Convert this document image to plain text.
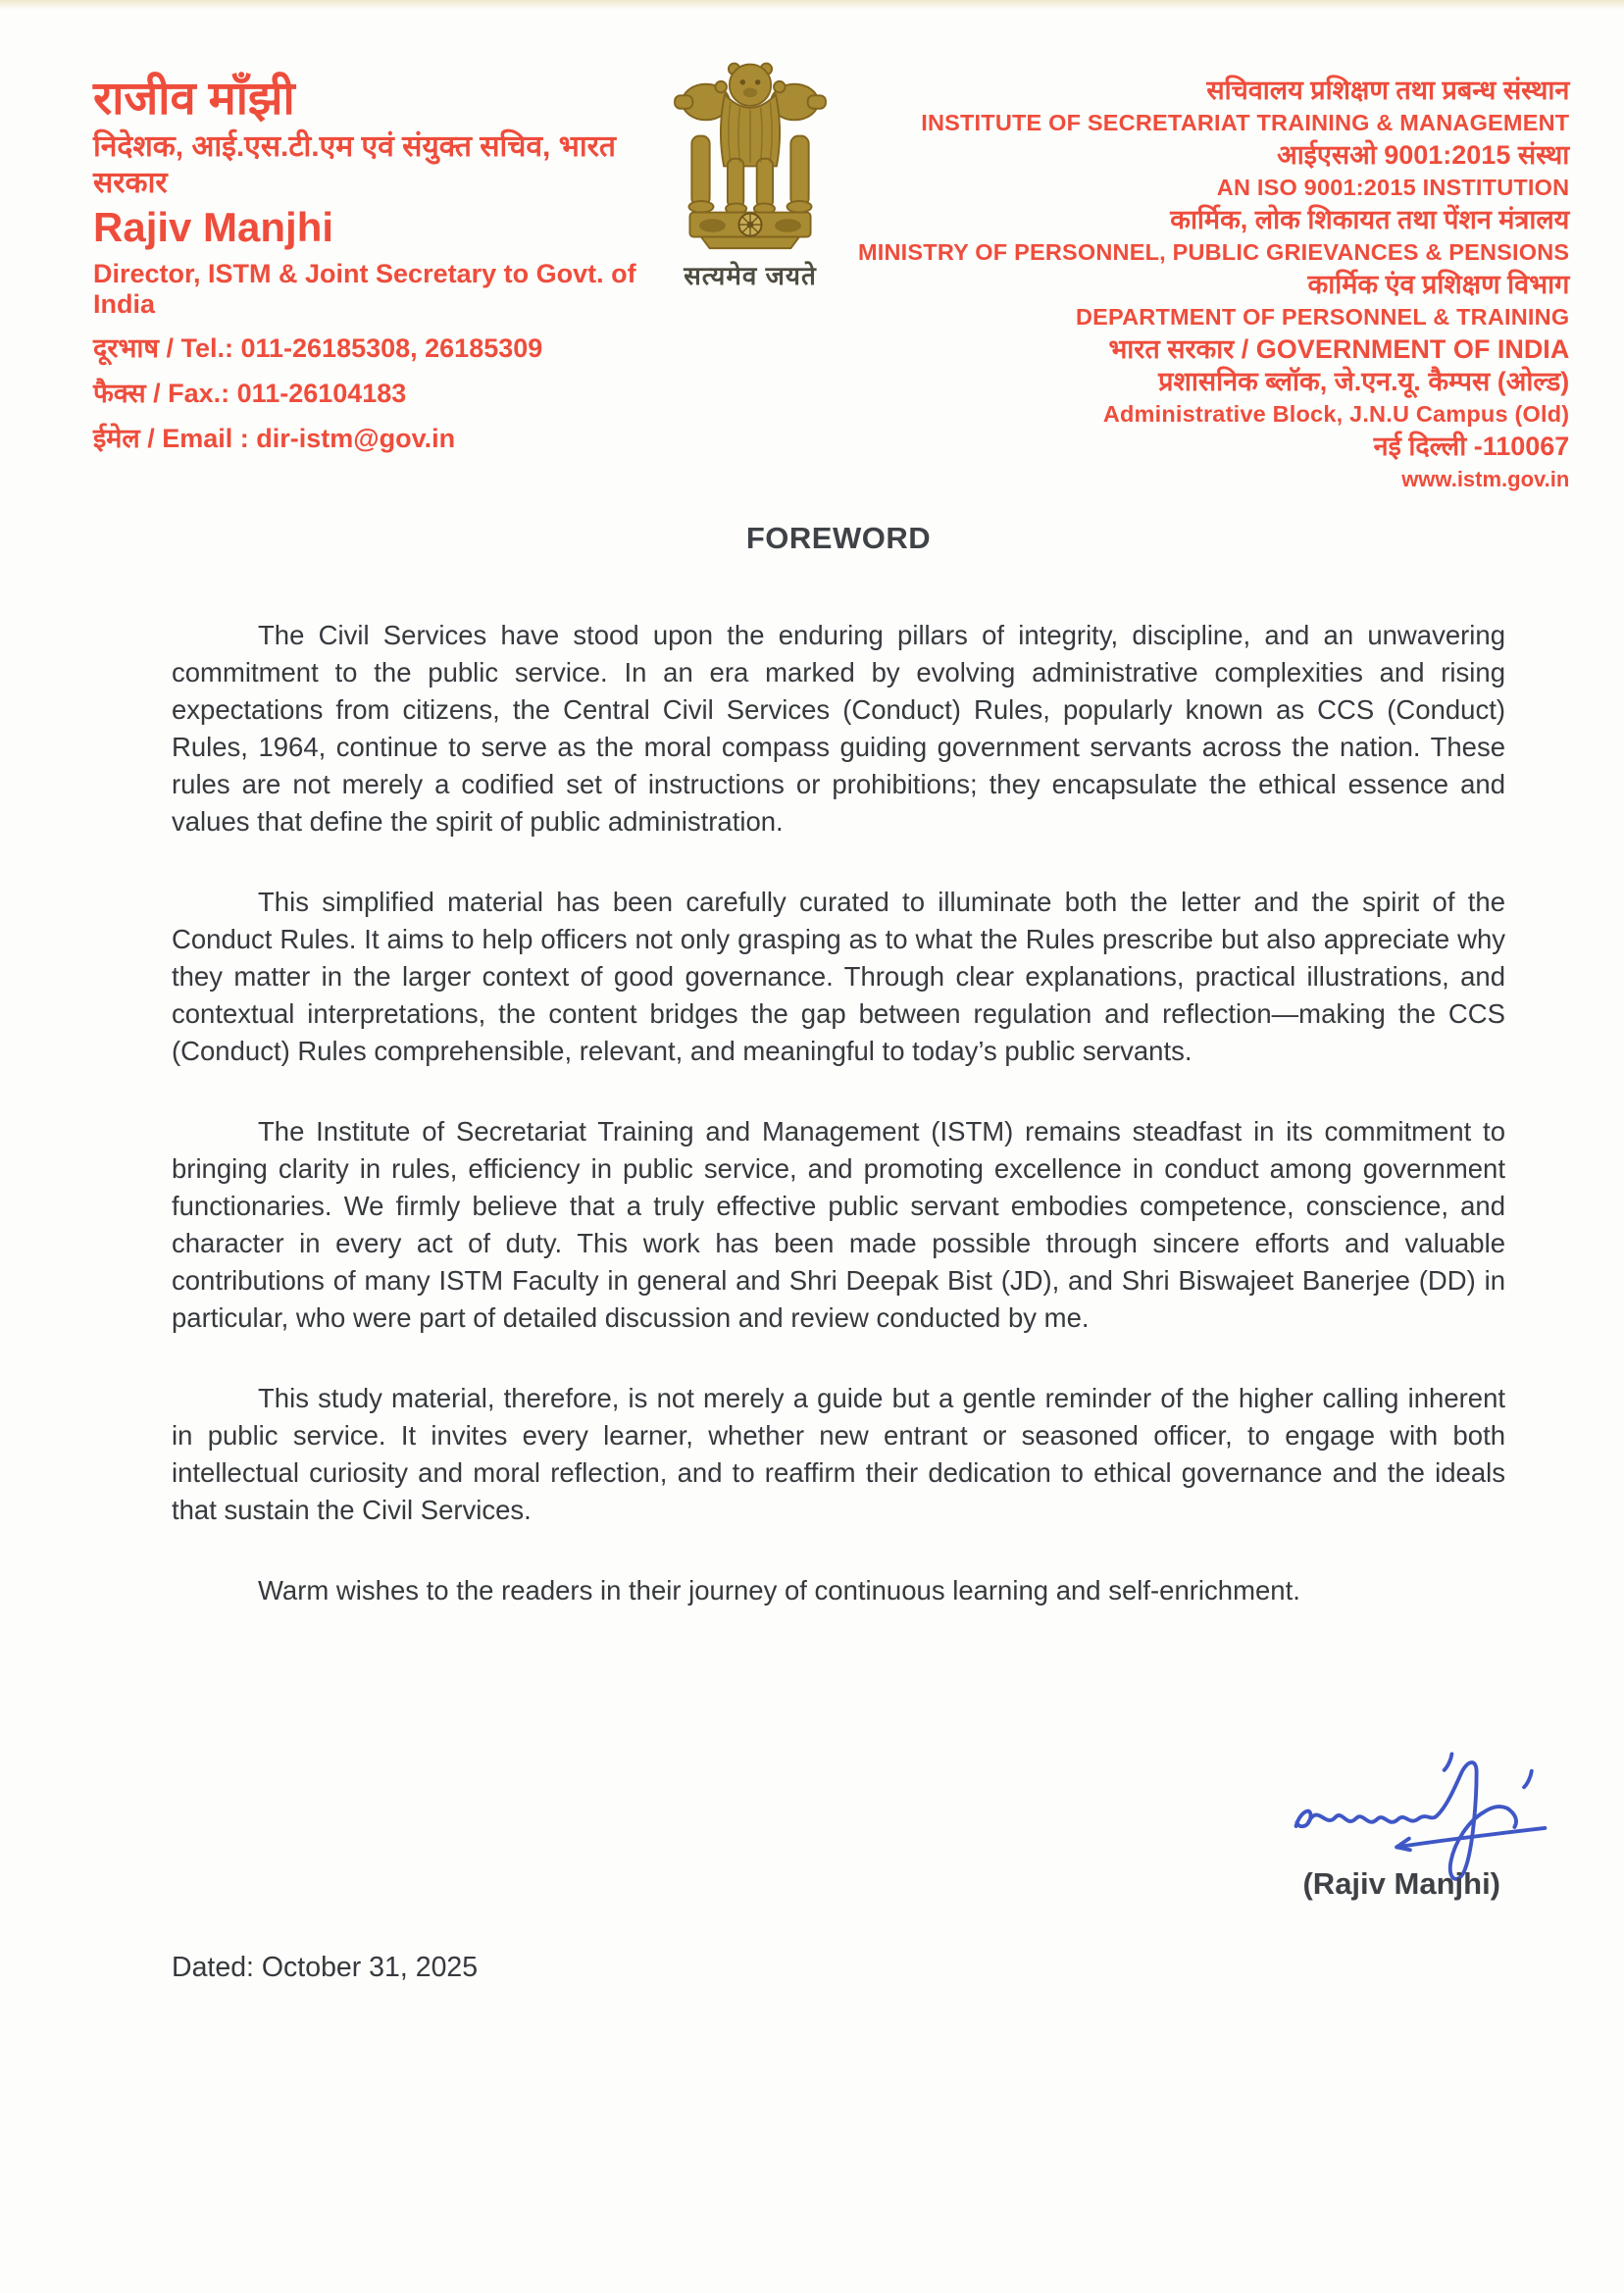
राजीव माँझी
निदेशक, आई.एस.टी.एम एवं संयुक्त सचिव, भारत सरकार
Rajiv Manjhi
Director, ISTM & Joint Secretary to Govt. of India
दूरभाष / Tel.: 011-26185308, 26185309
फैक्स / Fax.: 011-26104183
ईमेल / Email : dir-istm@gov.in
सत्यमेव जयते
सचिवालय प्रशिक्षण तथा प्रबन्ध संस्थान
INSTITUTE OF SECRETARIAT TRAINING & MANAGEMENT
आईएसओ 9001:2015 संस्था
AN ISO 9001:2015 INSTITUTION
कार्मिक, लोक शिकायत तथा पेंशन मंत्रालय
MINISTRY OF PERSONNEL, PUBLIC GRIEVANCES & PENSIONS
कार्मिक एंव प्रशिक्षण विभाग
DEPARTMENT OF PERSONNEL & TRAINING
भारत सरकार / GOVERNMENT OF INDIA
प्रशासनिक ब्लॉक, जे.एन.यू. कैम्पस (ओल्ड)
Administrative Block, J.N.U Campus (Old)
नई दिल्ली -110067
www.istm.gov.in
FOREWORD

The Civil Services have stood upon the enduring pillars of integrity, discipline, and an unwavering commitment to the public service. In an era marked by evolving administrative complexities and rising expectations from citizens, the Central Civil Services (Conduct) Rules, popularly known as CCS (Conduct) Rules, 1964, continue to serve as the moral compass guiding government servants across the nation. These rules are not merely a codified set of instructions or prohibitions; they encapsulate the ethical essence and values that define the spirit of public administration.

This simplified material has been carefully curated to illuminate both the letter and the spirit of the Conduct Rules. It aims to help officers not only grasping as to what the Rules prescribe but also appreciate why they matter in the larger context of good governance. Through clear explanations, practical illustrations, and contextual interpretations, the content bridges the gap between regulation and reflection—making the CCS (Conduct) Rules comprehensible, relevant, and meaningful to today’s public servants.

The Institute of Secretariat Training and Management (ISTM) remains steadfast in its commitment to bringing clarity in rules, efficiency in public service, and promoting excellence in conduct among government functionaries. We firmly believe that a truly effective public servant embodies competence, conscience, and character in every act of duty. This work has been made possible through sincere efforts and valuable contributions of many ISTM Faculty in general and Shri Deepak Bist (JD), and Shri Biswajeet Banerjee (DD) in particular, who were part of detailed discussion and review conducted by me.

This study material, therefore, is not merely a guide but a gentle reminder of the higher calling inherent in public service. It invites every learner, whether new entrant or seasoned officer, to engage with both intellectual curiosity and moral reflection, and to reaffirm their dedication to ethical governance and the ideals that sustain the Civil Services.

Warm wishes to the readers in their journey of continuous learning and self-enrichment.

(Rajiv Manjhi)
Dated: October 31, 2025
